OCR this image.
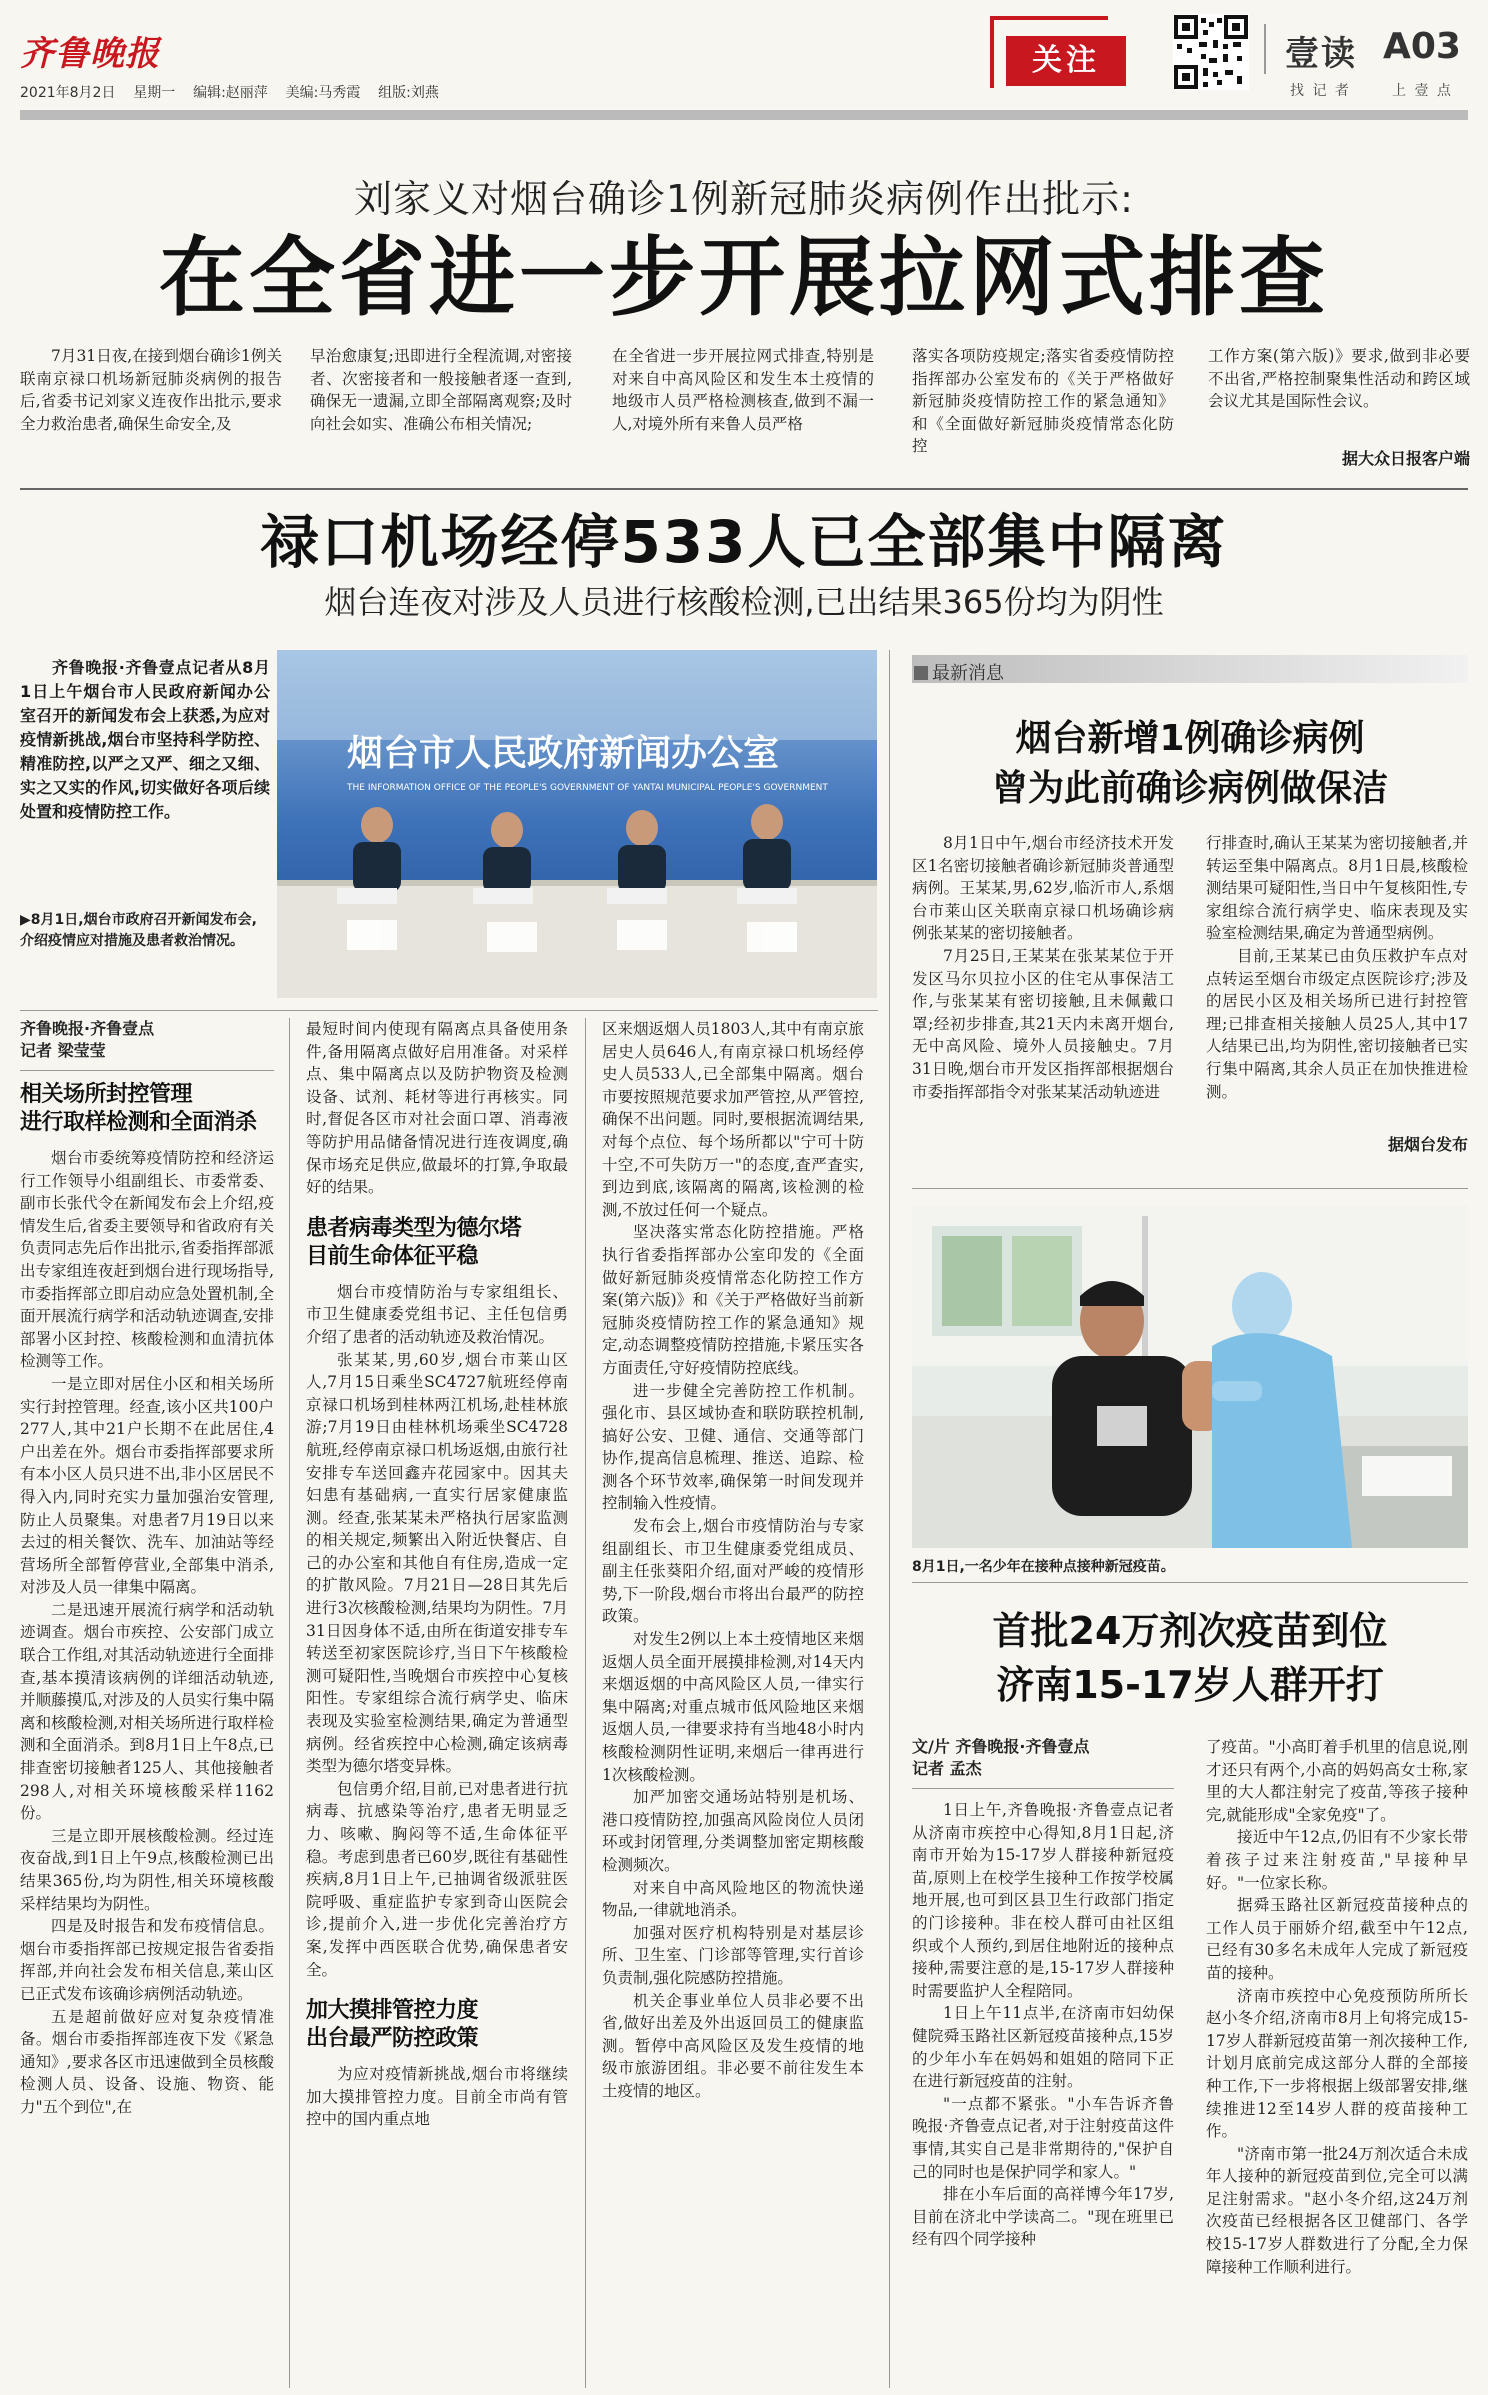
齐鲁晚报
2021年8月2日 星期一 编辑:赵丽萍 美编:马秀霞 组版:刘燕
关注	壹读 A03
找 记 者	上 壹 点
刘家义对烟台确诊1例新冠肺炎病例作出批示:
在全省进一步开展拉网式排查

7月31日夜,在接到烟台确诊1例关联南京禄口机场新冠肺炎病例的报告后,省委书记刘家义连夜作出批示,要求全力救治患者,确保生命安全,及

早治愈康复;迅即进行全程流调,对密接者、次密接者和一般接触者逐一查到,确保无一遗漏,立即全部隔离观察;及时向社会如实、准确公布相关情况;

在全省进一步开展拉网式排查,特别是对来自中高风险区和发生本土疫情的地级市人员严格检测核查,做到不漏一人,对境外所有来鲁人员严格

落实各项防疫规定;落实省委疫情防控指挥部办公室发布的《关于严格做好新冠肺炎疫情防控工作的紧急通知》和《全面做好新冠肺炎疫情常态化防控

工作方案(第六版)》要求,做到非必要不出省,严格控制聚集性活动和跨区域会议尤其是国际性会议。

据大众日报客户端
禄口机场经停533人已全部集中隔离
烟台连夜对涉及人员进行核酸检测,已出结果365份均为阴性
齐鲁晚报·齐鲁壹点记者从8月1日上午烟台市人民政府新闻办公室召开的新闻发布会上获悉,为应对疫情新挑战,烟台市坚持科学防控、精准防控,以严之又严、细之又细、实之又实的作风,切实做好各项后续处置和疫情防控工作。
▶8月1日,烟台市政府召开新闻发布会,介绍疫情应对措施及患者救治情况。
烟台市人民政府新闻办公室
THE INFORMATION OFFICE OF THE PEOPLE'S GOVERNMENT OF YANTAI MUNICIPAL PEOPLE'S GOVERNMENT

齐鲁晚报·齐鲁壹点
记者 梁莹莹

相关场所封控管理
进行取样检测和全面消杀

烟台市委统筹疫情防控和经济运行工作领导小组副组长、市委常委、副市长张代令在新闻发布会上介绍,疫情发生后,省委主要领导和省政府有关负责同志先后作出批示,省委指挥部派出专家组连夜赶到烟台进行现场指导,市委指挥部立即启动应急处置机制,全面开展流行病学和活动轨迹调查,安排部署小区封控、核酸检测和血清抗体检测等工作。

一是立即对居住小区和相关场所实行封控管理。经查,该小区共100户277人,其中21户长期不在此居住,4户出差在外。烟台市委指挥部要求所有本小区人员只进不出,非小区居民不得入内,同时充实力量加强治安管理,防止人员聚集。对患者7月19日以来去过的相关餐饮、洗车、加油站等经营场所全部暂停营业,全部集中消杀,对涉及人员一律集中隔离。

二是迅速开展流行病学和活动轨迹调查。烟台市疾控、公安部门成立联合工作组,对其活动轨迹进行全面排查,基本摸清该病例的详细活动轨迹,并顺藤摸瓜,对涉及的人员实行集中隔离和核酸检测,对相关场所进行取样检测和全面消杀。到8月1日上午8点,已排查密切接触者125人、其他接触者298人,对相关环境核酸采样1162份。

三是立即开展核酸检测。经过连夜奋战,到1日上午9点,核酸检测已出结果365份,均为阴性,相关环境核酸采样结果均为阴性。

四是及时报告和发布疫情信息。烟台市委指挥部已按规定报告省委指挥部,并向社会发布相关信息,莱山区已正式发布该确诊病例活动轨迹。

五是超前做好应对复杂疫情准备。烟台市委指挥部连夜下发《紧急通知》,要求各区市迅速做到全员核酸检测人员、设备、设施、物资、能力"五个到位",在

最短时间内使现有隔离点具备使用条件,备用隔离点做好启用准备。对采样点、集中隔离点以及防护物资及检测设备、试剂、耗材等进行再核实。同时,督促各区市对社会面口罩、消毒液等防护用品储备情况进行连夜调度,确保市场充足供应,做最坏的打算,争取最好的结果。

患者病毒类型为德尔塔
目前生命体征平稳

烟台市疫情防治与专家组组长、市卫生健康委党组书记、主任包信勇介绍了患者的活动轨迹及救治情况。

张某某,男,60岁,烟台市莱山区人,7月15日乘坐SC4727航班经停南京禄口机场到桂林两江机场,赴桂林旅游;7月19日由桂林机场乘坐SC4728航班,经停南京禄口机场返烟,由旅行社安排专车送回鑫卉花园家中。因其夫妇患有基础病,一直实行居家健康监测。经查,张某某未严格执行居家监测的相关规定,频繁出入附近快餐店、自己的办公室和其他自有住房,造成一定的扩散风险。7月21日—28日其先后进行3次核酸检测,结果均为阴性。7月31日因身体不适,由所在街道安排专车转送至初家医院诊疗,当日下午核酸检测可疑阳性,当晚烟台市疾控中心复核阳性。专家组综合流行病学史、临床表现及实验室检测结果,确定为普通型病例。经省疾控中心检测,确定该病毒类型为德尔塔变异株。

包信勇介绍,目前,已对患者进行抗病毒、抗感染等治疗,患者无明显乏力、咳嗽、胸闷等不适,生命体征平稳。考虑到患者已60岁,既往有基础性疾病,8月1日上午,已抽调省级派驻医院呼吸、重症监护专家到奇山医院会诊,提前介入,进一步优化完善治疗方案,发挥中西医联合优势,确保患者安全。

加大摸排管控力度
出台最严防控政策

为应对疫情新挑战,烟台市将继续加大摸排管控力度。目前全市尚有管控中的国内重点地

区来烟返烟人员1803人,其中有南京旅居史人员646人,有南京禄口机场经停史人员533人,已全部集中隔离。烟台市要按照规范要求加严管控,从严管控,确保不出问题。同时,要根据流调结果,对每个点位、每个场所都以"宁可十防十空,不可失防万一"的态度,査严査实,到边到底,该隔离的隔离,该检测的检测,不放过任何一个疑点。

坚决落实常态化防控措施。严格执行省委指挥部办公室印发的《全面做好新冠肺炎疫情常态化防控工作方案(第六版)》和《关于严格做好当前新冠肺炎疫情防控工作的紧急通知》规定,动态调整疫情防控措施,卡紧压实各方面责任,守好疫情防控底线。

进一步健全完善防控工作机制。强化市、县区域协查和联防联控机制,搞好公安、卫健、通信、交通等部门协作,提高信息梳理、推送、追踪、检测各个环节效率,确保第一时间发现并控制输入性疫情。

发布会上,烟台市疫情防治与专家组副组长、市卫生健康委党组成员、副主任张葵阳介绍,面对严峻的疫情形势,下一阶段,烟台市将出台最严的防控政策。

对发生2例以上本土疫情地区来烟返烟人员全面开展摸排检测,对14天内来烟返烟的中高风险区人员,一律实行集中隔离;对重点城市低风险地区来烟返烟人员,一律要求持有当地48小时内核酸检测阴性证明,来烟后一律再进行1次核酸检测。

加严加密交通场站特别是机场、港口疫情防控,加强高风险岗位人员闭环或封闭管理,分类调整加密定期核酸检测频次。

对来自中高风险地区的物流快递物品,一律就地消杀。

加强对医疗机构特别是对基层诊所、卫生室、门诊部等管理,实行首诊负责制,强化院感防控措施。

机关企事业单位人员非必要不出省,做好出差及外出返回员工的健康监测。暂停中高风险区及发生疫情的地级市旅游团组。非必要不前往发生本土疫情的地区。

最新消息
烟台新增1例确诊病例
曾为此前确诊病例做保洁

8月1日中午,烟台市经济技术开发区1名密切接触者确诊新冠肺炎普通型病例。王某某,男,62岁,临沂市人,系烟台市莱山区关联南京禄口机场确诊病例张某某的密切接触者。

7月25日,王某某在张某某位于开发区马尔贝拉小区的住宅从事保洁工作,与张某某有密切接触,且未佩戴口罩;经初步排查,其21天内未离开烟台,无中高风险、境外人员接触史。7月31日晚,烟台市开发区指挥部根据烟台市委指挥部指令对张某某活动轨迹进

行排查时,确认王某某为密切接触者,并转运至集中隔离点。8月1日晨,核酸检测结果可疑阳性,当日中午复核阳性,专家组综合流行病学史、临床表现及实验室检测结果,确定为普通型病例。

目前,王某某已由负压救护车点对点转运至烟台市级定点医院诊疗;涉及的居民小区及相关场所已进行封控管理;已排查相关接触人员25人,其中17人结果已出,均为阴性,密切接触者已实行集中隔离,其余人员正在加快推进检测。

据烟台发布
8月1日,一名少年在接种点接种新冠疫苗。
首批24万剂次疫苗到位
济南15-17岁人群开打

文/片 齐鲁晚报·齐鲁壹点
记者 孟杰

1日上午,齐鲁晚报·齐鲁壹点记者从济南市疾控中心得知,8月1日起,济南市开始为15-17岁人群接种新冠疫苗,原则上在校学生接种工作按学校属地开展,也可到区县卫生行政部门指定的门诊接种。非在校人群可由社区组织或个人预约,到居住地附近的接种点接种,需要注意的是,15-17岁人群接种时需要监护人全程陪同。

1日上午11点半,在济南市妇幼保健院舜玉路社区新冠疫苗接种点,15岁的少年小车在妈妈和姐姐的陪同下正在进行新冠疫苗的注射。

"一点都不紧张。"小车告诉齐鲁晚报·齐鲁壹点记者,对于注射疫苗这件事情,其实自己是非常期待的,"保护自己的同时也是保护同学和家人。"

排在小车后面的高祥博今年17岁,目前在济北中学读高二。"现在班里已经有四个同学接种

了疫苗。"小高盯着手机里的信息说,刚才还只有两个,小高的妈妈高女士称,家里的大人都注射完了疫苗,等孩子接种完,就能形成"全家免疫"了。

接近中午12点,仍旧有不少家长带着孩子过来注射疫苗,"早接种早好。"一位家长称。

据舜玉路社区新冠疫苗接种点的工作人员于丽娇介绍,截至中午12点,已经有30多名未成年人完成了新冠疫苗的接种。

济南市疾控中心免疫预防所所长赵小冬介绍,济南市8月上旬将完成15-17岁人群新冠疫苗第一剂次接种工作,计划月底前完成这部分人群的全部接种工作,下一步将根据上级部署安排,继续推进12至14岁人群的疫苗接种工作。

"济南市第一批24万剂次适合未成年人接种的新冠疫苗到位,完全可以满足注射需求。"赵小冬介绍,这24万剂次疫苗已经根据各区卫健部门、各学校15-17岁人群数进行了分配,全力保障接种工作顺利进行。
